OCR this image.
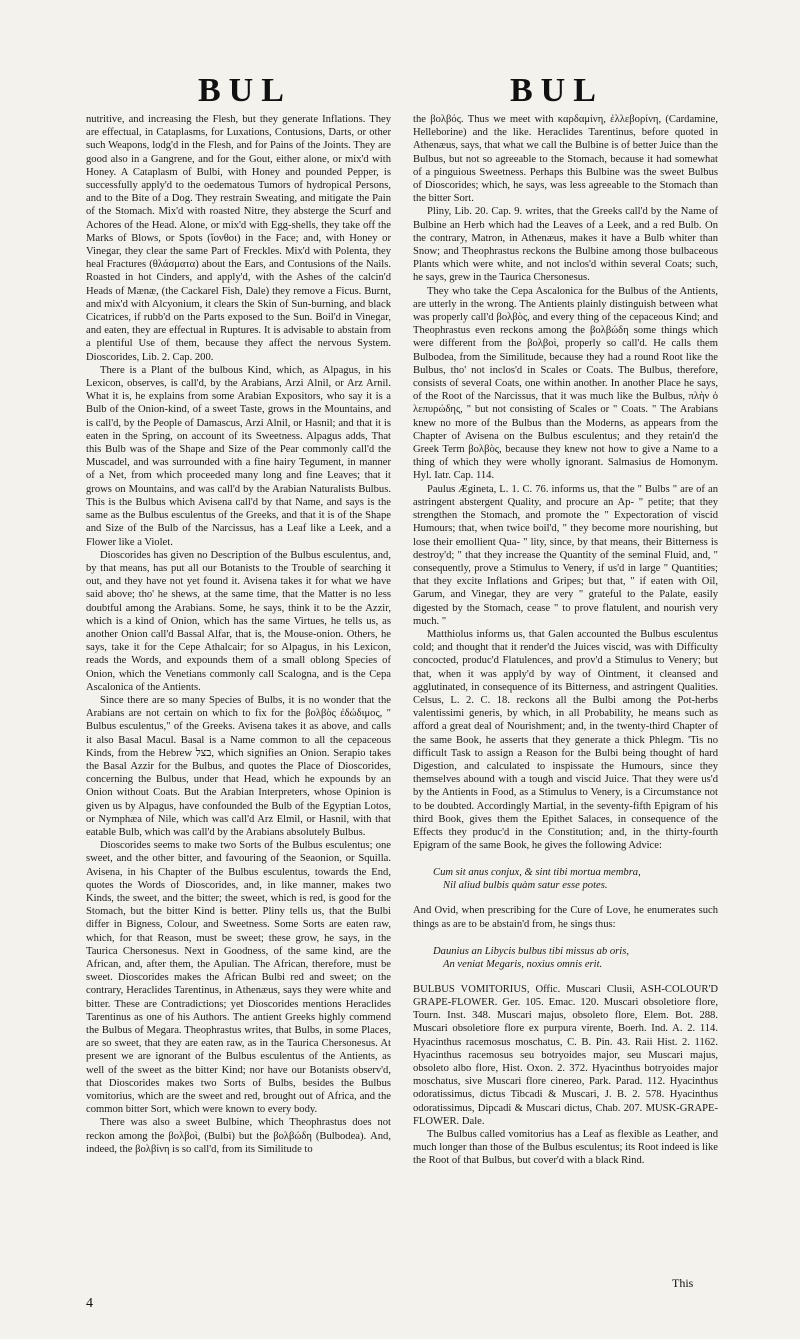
BUL	BUL

nutritive, and increasing the Flesh, but they generate Inflations. They are effectual, in Cataplasms, for Luxations, Contusions, Darts, or other such Weapons, lodg'd in the Flesh, and for Pains of the Joints. They are good also in a Gangrene, and for the Gout, either alone, or mix'd with Honey. A Cataplasm of Bulbi, with Honey and pounded Pepper, is successfully apply'd to the oedematous Tumors of hydropical Persons, and to the Bite of a Dog. They restrain Sweating, and mitigate the Pain of the Stomach. Mix'd with roasted Nitre, they absterge the Scurf and Achores of the Head. Alone, or mix'd with Egg-shells, they take off the Marks of Blows, or Spots (ἴονθοι) in the Face; and, with Honey or Vinegar, they clear the same Part of Freckles. Mix'd with Polenta, they heal Fractures (θλάσματα) about the Ears, and Contusions of the Nails. Roasted in hot Cinders, and apply'd, with the Ashes of the calcin'd Heads of Mænæ, (the Cackarel Fish, Dale) they remove a Ficus. Burnt, and mix'd with Alcyonium, it clears the Skin of Sun-burning, and black Cicatrices, if rubb'd on the Parts exposed to the Sun. Boil'd in Vinegar, and eaten, they are effectual in Ruptures. It is advisable to abstain from a plentiful Use of them, because they affect the nervous System. Dioscorides, Lib. 2. Cap. 200.

There is a Plant of the bulbous Kind, which, as Alpagus, in his Lexicon, observes, is call'd, by the Arabians, Arzi Alnil, or Arz Arnil. What it is, he explains from some Arabian Expositors, who say it is a Bulb of the Onion-kind, of a sweet Taste, grows in the Mountains, and is call'd, by the People of Damascus, Arzi Alnil, or Hasnil; and that it is eaten in the Spring, on account of its Sweetness. Alpagus adds, That this Bulb was of the Shape and Size of the Pear commonly call'd the Muscadel, and was surrounded with a fine hairy Tegument, in manner of a Net, from which proceeded many long and fine Leaves; that it grows on Mountains, and was call'd by the Arabian Naturalists Bulbus. This is the Bulbus which Avisena call'd by that Name, and says is the same as the Bulbus esculentus of the Greeks, and that it is of the Shape and Size of the Bulb of the Narcissus, has a Leaf like a Leek, and a Flower like a Violet.

Dioscorides has given no Description of the Bulbus esculentus, and, by that means, has put all our Botanists to the Trouble of searching it out, and they have not yet found it. Avisena takes it for what we have said above; tho' he shews, at the same time, that the Matter is no less doubtful among the Arabians. Some, he says, think it to be the Azzir, which is a kind of Onion, which has the same Virtues, he tells us, as another Onion call'd Bassal Alfar, that is, the Mouse-onion. Others, he says, take it for the Cepe Athalcair; for so Alpagus, in his Lexicon, reads the Words, and expounds them of a small oblong Species of Onion, which the Venetians commonly call Scalogna, and is the Cepa Ascalonica of the Antients.

Since there are so many Species of Bulbs, it is no wonder that the Arabians are not certain on which to fix for the βολβὸς ἐδώδιμος, " Bulbus esculentus," of the Greeks. Avisena takes it as above, and calls it also Basal Macul. Basal is a Name common to all the cepaceous Kinds, from the Hebrew בצל, which signifies an Onion. Serapio takes the Basal Azzir for the Bulbus, and quotes the Place of Dioscorides, concerning the Bulbus, under that Head, which he expounds by an Onion without Coats. But the Arabian Interpreters, whose Opinion is given us by Alpagus, have confounded the Bulb of the Egyptian Lotos, or Nymphæa of Nile, which was call'd Arz Elmil, or Hasnil, with that eatable Bulb, which was call'd by the Arabians absolutely Bulbus.

Dioscorides seems to make two Sorts of the Bulbus esculentus; one sweet, and the other bitter, and favouring of the Seaonion, or Squilla. Avisena, in his Chapter of the Bulbus esculentus, towards the End, quotes the Words of Dioscorides, and, in like manner, makes two Kinds, the sweet, and the bitter; the sweet, which is red, is good for the Stomach, but the bitter Kind is better. Pliny tells us, that the Bulbi differ in Bigness, Colour, and Sweetness. Some Sorts are eaten raw, which, for that Reason, must be sweet; these grow, he says, in the Taurica Chersonesus. Next in Goodness, of the same kind, are the African, and, after them, the Apulian. The African, therefore, must be sweet. Dioscorides makes the African Bulbi red and sweet; on the contrary, Heraclides Tarentinus, in Athenæus, says they were white and bitter. These are Contradictions; yet Dioscorides mentions Heraclides Tarentinus as one of his Authors. The antient Greeks highly commend the Bulbus of Megara. Theophrastus writes, that Bulbs, in some Places, are so sweet, that they are eaten raw, as in the Taurica Chersonesus. At present we are ignorant of the Bulbus esculentus of the Antients, as well of the sweet as the bitter Kind; nor have our Botanists observ'd, that Dioscorides makes two Sorts of Bulbs, besides the Bulbus vomitorius, which are the sweet and red, brought out of Africa, and the common bitter Sort, which were known to every body.

There was also a sweet Bulbine, which Theophrastus does not reckon among the βολβοὶ, (Bulbi) but the βολβώδη (Bulbodea). And, indeed, the βολβίνη is so call'd, from its Similitude to

the βολβός. Thus we meet with καρδαμίνη, ἐλλεβορίνη, (Cardamine, Helleborine) and the like. Heraclides Tarentinus, before quoted in Athenæus, says, that what we call the Bulbine is of better Juice than the Bulbus, but not so agreeable to the Stomach, because it had somewhat of a pinguious Sweetness. Perhaps this Bulbine was the sweet Bulbus of Dioscorides; which, he says, was less agreeable to the Stomach than the bitter Sort.

Pliny, Lib. 20. Cap. 9. writes, that the Greeks call'd by the Name of Bulbine an Herb which had the Leaves of a Leek, and a red Bulb. On the contrary, Matron, in Athenæus, makes it have a Bulb whiter than Snow; and Theophrastus reckons the Bulbine among those bulbaceous Plants which were white, and not inclos'd within several Coats; such, he says, grew in the Taurica Chersonesus.

They who take the Cepa Ascalonica for the Bulbus of the Antients, are utterly in the wrong. The Antients plainly distinguish between what was properly call'd βολβὸς, and every thing of the cepaceous Kind; and Theophrastus even reckons among the βολβώδη some things which were different from the βολβοὶ, properly so call'd. He calls them Bulbodea, from the Similitude, because they had a round Root like the Bulbus, tho' not inclos'd in Scales or Coats. The Bulbus, therefore, consists of several Coats, one within another. In another Place he says, of the Root of the Narcissus, that it was much like the Bulbus, πλὴν ὁ λεπυρώδης, " but not consisting of Scales or " Coats. " The Arabians knew no more of the Bulbus than the Moderns, as appears from the Chapter of Avisena on the Bulbus esculentus; and they retain'd the Greek Term βολβὸς, because they knew not how to give a Name to a thing of which they were wholly ignorant. Salmasius de Homonym. Hyl. Iatr. Cap. 114.

Paulus Ægineta, L. 1. C. 76. informs us, that the " Bulbs " are of an astringent abstergent Quality, and procure an Ap- " petite; that they strengthen the Stomach, and promote the " Expectoration of viscid Humours; that, when twice boil'd, " they become more nourishing, but lose their emollient Qua- " lity, since, by that means, their Bitterness is destroy'd; " that they increase the Quantity of the seminal Fluid, and, " consequently, prove a Stimulus to Venery, if us'd in large " Quantities; that they excite Inflations and Gripes; but that, " if eaten with Oil, Garum, and Vinegar, they are very " grateful to the Palate, easily digested by the Stomach, cease " to prove flatulent, and nourish very much. "

Matthiolus informs us, that Galen accounted the Bulbus esculentus cold; and thought that it render'd the Juices viscid, was with Difficulty concocted, produc'd Flatulences, and prov'd a Stimulus to Venery; but that, when it was apply'd by way of Ointment, it cleansed and agglutinated, in consequence of its Bitterness, and astringent Qualities. Celsus, L. 2. C. 18. reckons all the Bulbi among the Pot-herbs valentissimi generis, by which, in all Probability, he means such as afford a great deal of Nourishment; and, in the twenty-third Chapter of the same Book, he asserts that they generate a thick Phlegm. 'Tis no difficult Task to assign a Reason for the Bulbi being thought of hard Digestion, and calculated to inspissate the Humours, since they themselves abound with a tough and viscid Juice. That they were us'd by the Antients in Food, as a Stimulus to Venery, is a Circumstance not to be doubted. Accordingly Martial, in the seventy-fifth Epigram of his third Book, gives them the Epithet Salaces, in consequence of the Effects they produc'd in the Constitution; and, in the thirty-fourth Epigram of the same Book, he gives the following Advice:

Cum sit anus conjux, & sint tibi mortua membra,
Nil aliud bulbis quàm satur esse potes.

And Ovid, when prescribing for the Cure of Love, he enumerates such things as are to be abstain'd from, he sings thus:

Daunius an Libycis bulbus tibi missus ab oris,
An veniat Megaris, noxius omnis erit.

BULBUS VOMITORIUS, Offic. Muscari Clusii, ASH-COLOUR'D GRAPE-FLOWER. Ger. 105. Emac. 120. Muscari obsoletiore flore, Tourn. Inst. 348. Muscari majus, obsoleto flore, Elem. Bot. 288. Muscari obsoletiore flore ex purpura virente, Boerh. Ind. A. 2. 114. Hyacinthus racemosus moschatus, C. B. Pin. 43. Raii Hist. 2. 1162. Hyacinthus racemosus seu botryoides major, seu Muscari majus, obsoleto albo flore, Hist. Oxon. 2. 372. Hyacinthus botryoides major moschatus, sive Muscari flore cinereo, Park. Parad. 112. Hyacinthus odoratissimus, dictus Tibcadi & Muscari, J. B. 2. 578. Hyacinthus odoratissimus, Dipcadi & Muscari dictus, Chab. 207. MUSK-GRAPE-FLOWER. Dale.

The Bulbus called vomitorius has a Leaf as flexible as Leather, and much longer than those of the Bulbus esculentus; its Root indeed is like the Root of that Bulbus, but cover'd with a black Rind.

This
4
